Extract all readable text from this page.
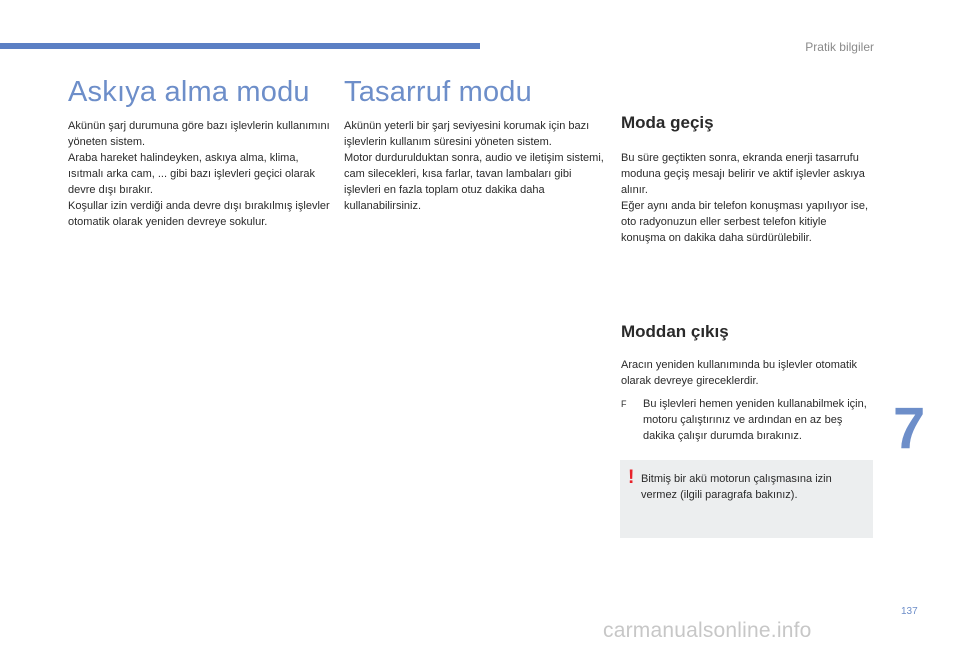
Pratik bilgiler
Askıya alma modu
Akünün şarj durumuna göre bazı işlevlerin kullanımını yöneten sistem.
Araba hareket halindeyken, askıya alma, klima, ısıtmalı arka cam, ... gibi bazı işlevleri geçici olarak devre dışı bırakır.
Koşullar izin verdiği anda devre dışı bırakılmış işlevler otomatik olarak yeniden devreye sokulur.
Tasarruf modu
Akünün yeterli bir şarj seviyesini korumak için bazı işlevlerin kullanım süresini yöneten sistem.
Motor durdurulduktan sonra, audio ve iletişim sistemi, cam silecekleri, kısa farlar, tavan lambaları gibi işlevleri en fazla toplam otuz dakika daha kullanabilirsiniz.
Moda geçiş
Bu süre geçtikten sonra, ekranda enerji tasarrufu moduna geçiş mesajı belirir ve aktif işlevler askıya alınır.
Eğer aynı anda bir telefon konuşması yapılıyor ise, oto radyonuzun eller serbest telefon kitiyle konuşma on dakika daha sürdürülebilir.
Moddan çıkış
Aracın yeniden kullanımında bu işlevler otomatik olarak devreye gireceklerdir.
F Bu işlevleri hemen yeniden kullanabilmek için, motoru çalıştırınız ve ardından en az beş dakika çalışır durumda bırakınız.
! Bitmiş bir akü motorun çalışmasına izin vermez (ilgili paragrafa bakınız).
7
137
carmanualsonline.info
